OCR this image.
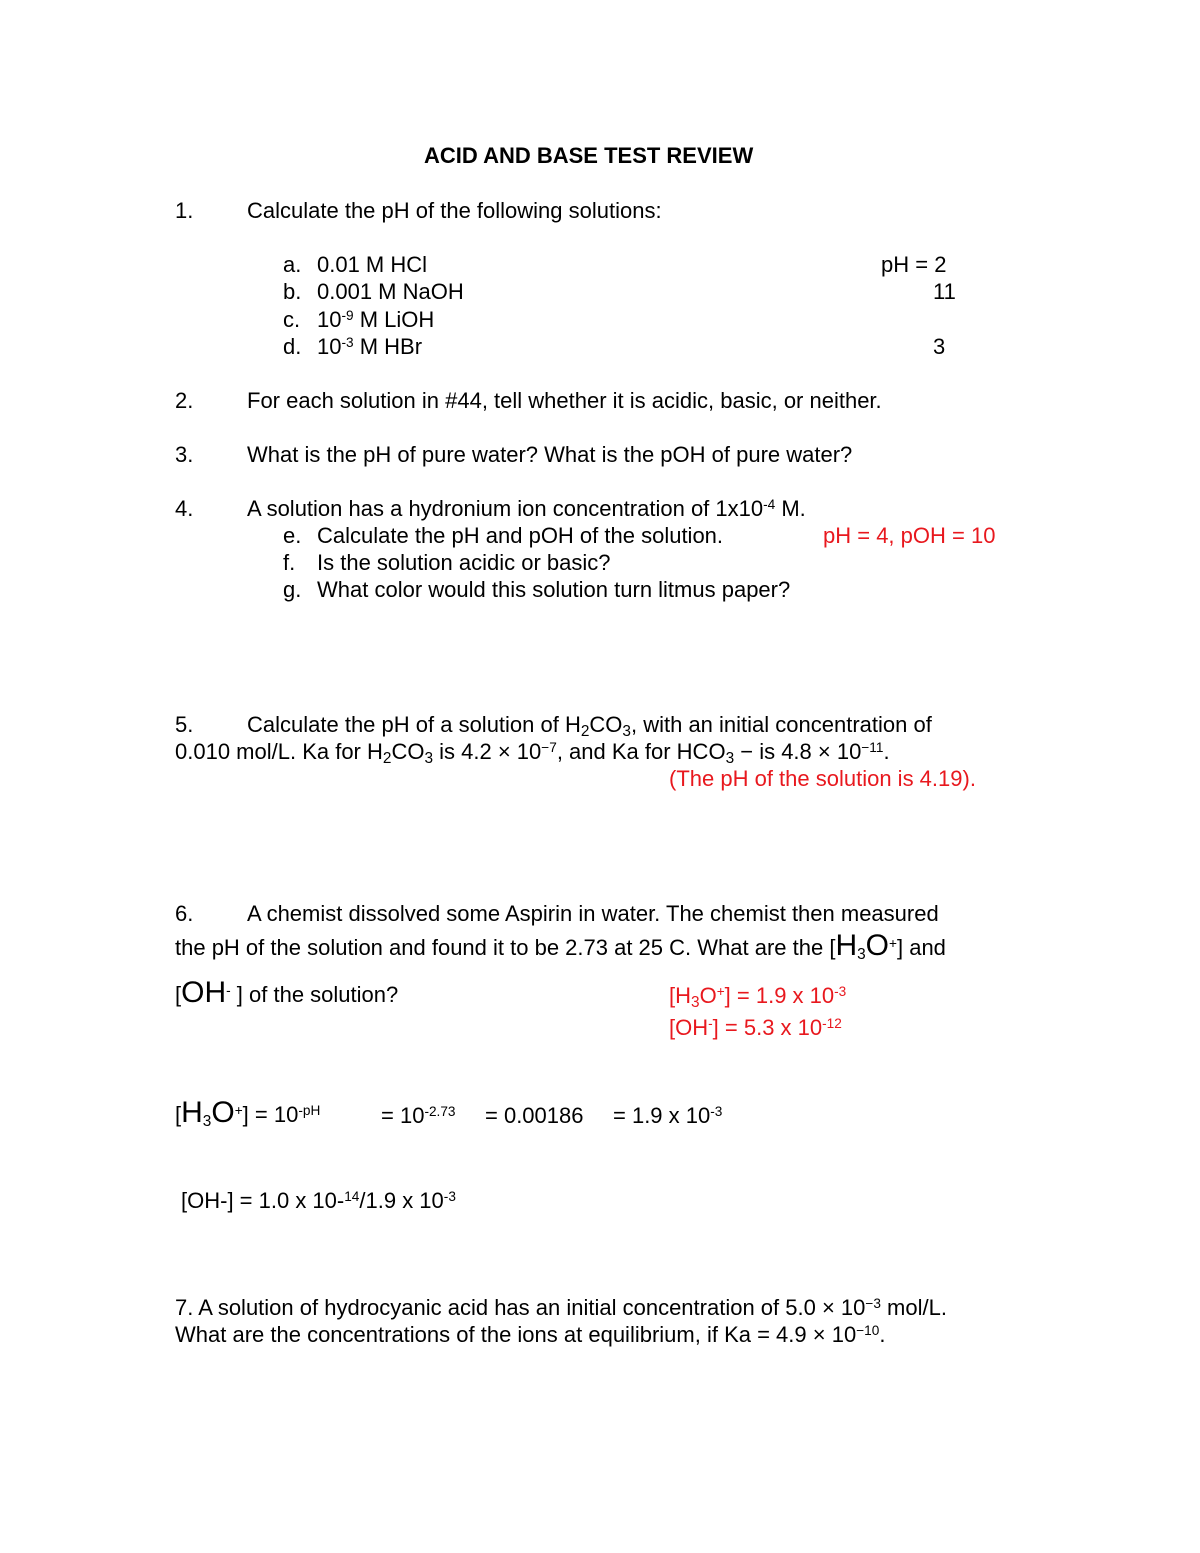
ACID AND BASE TEST REVIEW
1. Calculate the pH of the following solutions:
a. 0.01 M HCl	pH = 2
b. 0.001 M NaOH	11
c. $10^{-9}$ M LiOH
d. $10^{-3}$ M HBr	3
2. For each solution in #44, tell whether it is acidic, basic, or neither.
3. What is the pH of pure water? What is the pOH of pure water?
4. A solution has a hydronium ion concentration of $1x10^{-4}$ M.
e. Calculate the pH and pOH of the solution.	pH = 4, pOH = 10
f. Is the solution acidic or basic?
g. What color would this solution turn litmus paper?
5. Calculate the pH of a solution of $H_2CO_3$, with an initial concentration of
0.010 mol/L. Ka for $H_2CO_3$ is $4.2 \times 10^{-7}$, and Ka for $HCO_3$ − is $4.8 \times 10^{-11}$.
(The pH of the solution is 4.19).
6. A chemist dissolved some Aspirin in water. The chemist then measured
the pH of the solution and found it to be 2.73 at 25 C. What are the $[H_3O^+]$ and
[OH- ] of the solution?	$[H_3O^+] = 1.9$ x $10^{-3}$
[OH-] = 5.3 x $10^{-12}$
$[H_3O^+] = 10^{-pH}$	= $10^{-2.73} = 0.00186 = 1.9$ x $10^{-3}$
[OH-] = 1.0 x 10-$^{14}$/1.9 x $10^{-3}$
7. A solution of hydrocyanic acid has an initial concentration of $5.0 \times 10^{-3}$ mol/L.
What are the concentrations of the ions at equilibrium, if $Ka = 4.9 \times 10^{-10}$.
